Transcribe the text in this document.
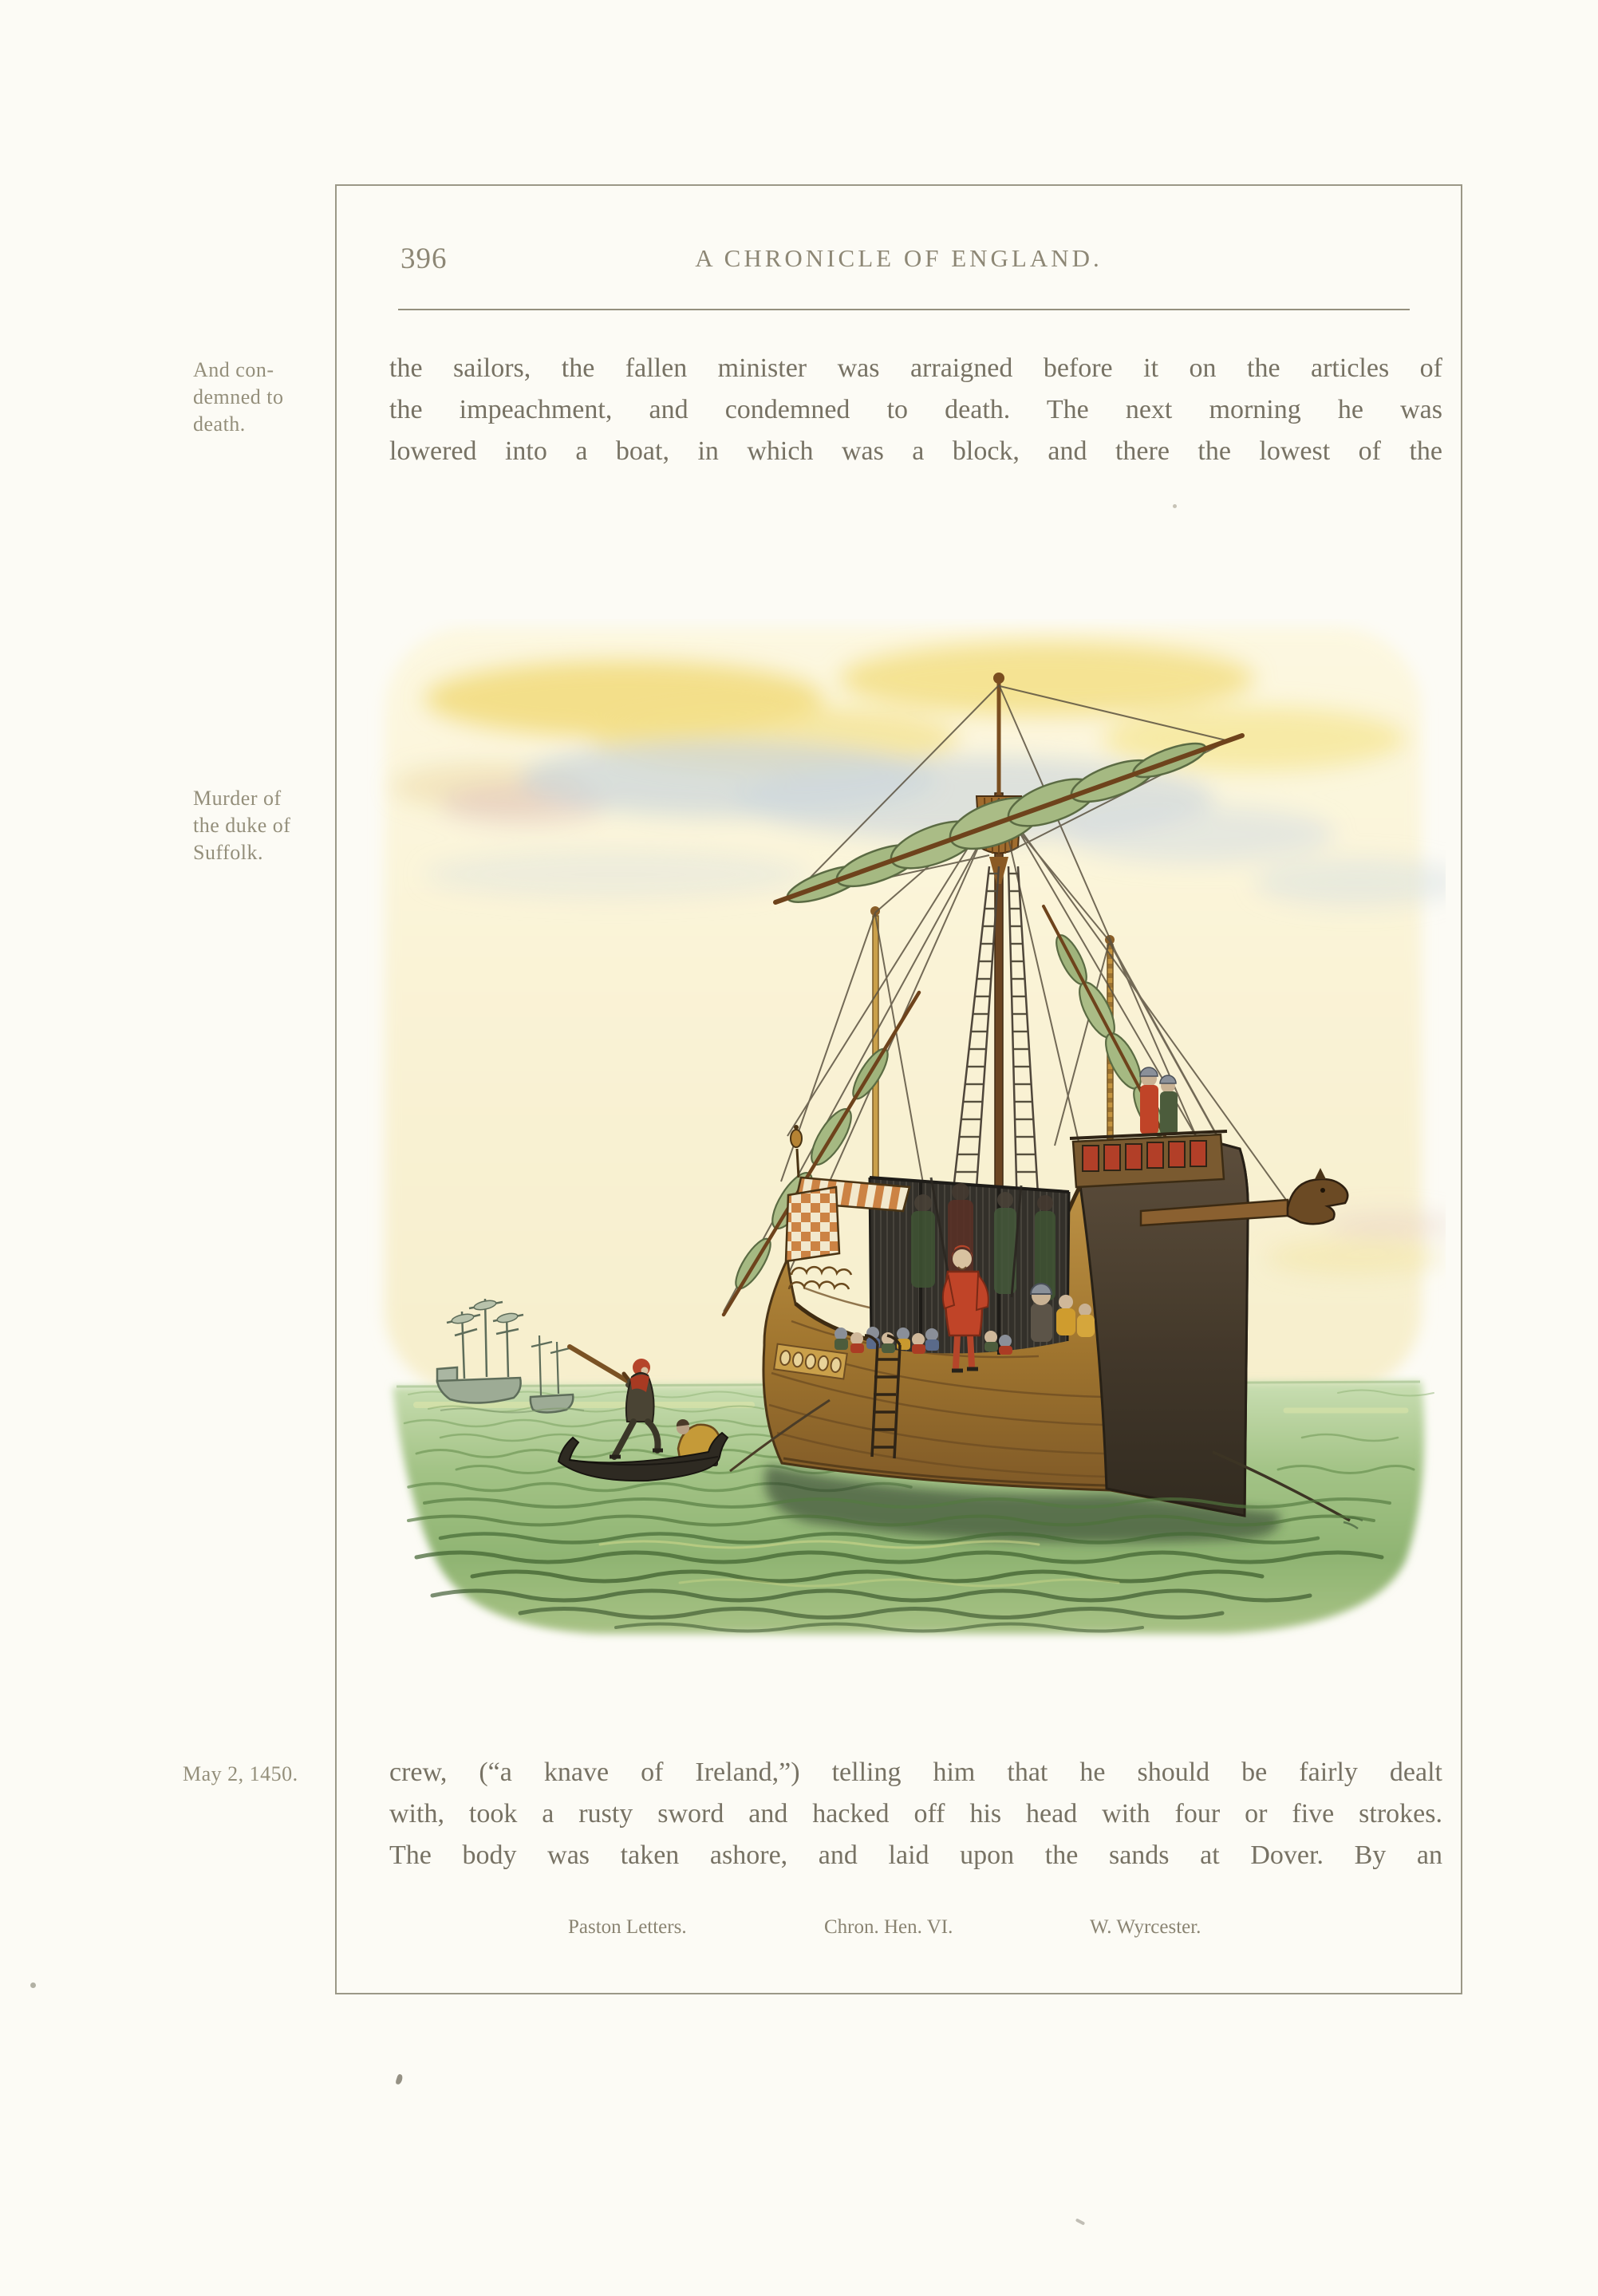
396	A CHRONICLE OF ENGLAND.
And con-
demned to
death.
Murder of
the duke of
Suffolk.
May 2, 1450.
the sailors, the fallen minister was arraigned before it on the articles of
the impeachment, and condemned to death. The next morning he was
lowered into a boat, in which was a block, and there the lowest of the
crew, (“a knave of Ireland,”) telling him that he should be fairly dealt
with, took a rusty sword and hacked off his head with four or five strokes.
The body was taken ashore, and laid upon the sands at Dover. By an
Paston Letters.	Chron. Hen. VI.	W. Wyrcester.
